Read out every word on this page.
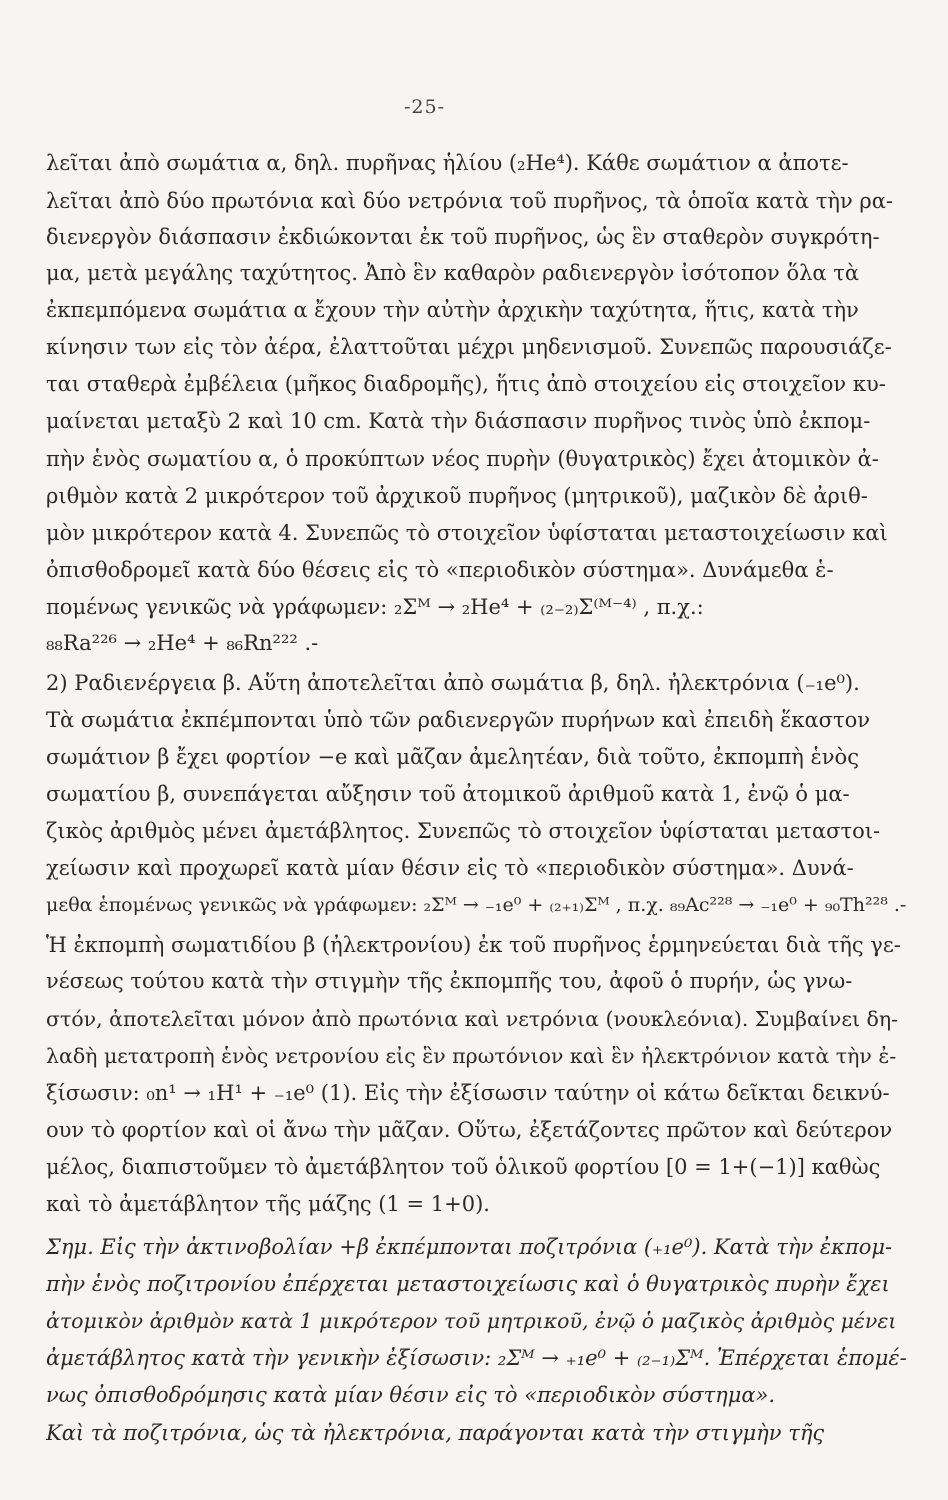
-25-
λεῖται ἀπὸ σωμάτια α, δηλ. πυρῆνας ἡλίου (₂He⁴). Κάθε σωμάτιον α ἀποτε-
λεῖται ἀπὸ δύο πρωτόνια καὶ δύο νετρόνια τοῦ πυρῆνος, τὰ ὁποῖα κατὰ τὴν ρα-
διενεργὸν διάσπασιν ἐκδιώκονται ἐκ τοῦ πυρῆνος, ὡς ἓν σταθερὸν συγκρότη-
μα, μετὰ μεγάλης ταχύτητος. Ἀπὸ ἓν καθαρὸν ραδιενεργὸν ἰσότοπον ὅλα τὰ
ἐκπεμπόμενα σωμάτια α ἔχουν τὴν αὐτὴν ἀρχικὴν ταχύτητα, ἥτις, κατὰ τὴν
κίνησιν των εἰς τὸν ἀέρα, ἐλαττοῦται μέχρι μηδενισμοῦ. Συνεπῶς παρουσιάζε-
ται σταθερὰ ἐμβέλεια (μῆκος διαδρομῆς), ἥτις ἀπὸ στοιχείου εἰς στοιχεῖον κυ-
μαίνεται μεταξὺ 2 καὶ 10 cm. Κατὰ τὴν διάσπασιν πυρῆνος τινὸς ὑπὸ ἐκπομ-
πὴν ἑνὸς σωματίου α, ὁ προκύπτων νέος πυρὴν (θυγατρικὸς) ἔχει ἀτομικὸν ἀ-
ριθμὸν κατὰ 2 μικρότερον τοῦ ἀρχικοῦ πυρῆνος (μητρικοῦ), μαζικὸν δὲ ἀριθ-
μὸν μικρότερον κατὰ 4. Συνεπῶς τὸ στοιχεῖον ὑφίσταται μεταστοιχείωσιν καὶ
ὀπισθοδρομεῖ κατὰ δύο θέσεις εἰς τὸ «περιοδικὸν σύστημα». Δυνάμεθα ἑ-
πομένως γενικῶς νὰ γράφωμεν: ₂Σᴹ → ₂He⁴ + ₍₂₋₂₎Σ⁽ᴹ⁻⁴⁾ , π.χ.:
₈₈Ra²²⁶ → ₂He⁴ + ₈₆Rn²²² .-
2) Ραδιενέργεια β. Αὕτη ἀποτελεῖται ἀπὸ σωμάτια β, δηλ. ἠλεκτρόνια (₋₁e⁰).
Τὰ σωμάτια ἐκπέμπονται ὑπὸ τῶν ραδιενεργῶν πυρήνων καὶ ἐπειδὴ ἕκαστον
σωμάτιον β ἔχει φορτίον −e καὶ μᾶζαν ἀμελητέαν, διὰ τοῦτο, ἐκπομπὴ ἑνὸς
σωματίου β, συνεπάγεται αὔξησιν τοῦ ἀτομικοῦ ἀριθμοῦ κατὰ 1, ἐνῷ ὁ μα-
ζικὸς ἀριθμὸς μένει ἀμετάβλητος. Συνεπῶς τὸ στοιχεῖον ὑφίσταται μεταστοι-
χείωσιν καὶ προχωρεῖ κατὰ μίαν θέσιν εἰς τὸ «περιοδικὸν σύστημα». Δυνά-
μεθα ἑπομένως γενικῶς νὰ γράφωμεν: ₂Σᴹ → ₋₁e⁰ + ₍₂₊₁₎Σᴹ , π.χ. ₈₉Ac²²⁸ → ₋₁e⁰ + ₉₀Th²²⁸ .-
Ἡ ἐκπομπὴ σωματιδίου β (ἠλεκτρονίου) ἐκ τοῦ πυρῆνος ἑρμηνεύεται διὰ τῆς γε-
νέσεως τούτου κατὰ τὴν στιγμὴν τῆς ἐκπομπῆς του, ἀφοῦ ὁ πυρήν, ὡς γνω-
στόν, ἀποτελεῖται μόνον ἀπὸ πρωτόνια καὶ νετρόνια (νουκλεόνια). Συμβαίνει δη-
λαδὴ μετατροπὴ ἑνὸς νετρονίου εἰς ἓν πρωτόνιον καὶ ἓν ἠλεκτρόνιον κατὰ τὴν ἐ-
ξίσωσιν: ₀n¹ → ₁H¹ + ₋₁e⁰ (1). Εἰς τὴν ἐξίσωσιν ταύτην οἱ κάτω δεῖκται δεικνύ-
ουν τὸ φορτίον καὶ οἱ ἄνω τὴν μᾶζαν. Οὕτω, ἐξετάζοντες πρῶτον καὶ δεύτερον
μέλος, διαπιστοῦμεν τὸ ἀμετάβλητον τοῦ ὁλικοῦ φορτίου [0 = 1+(−1)] καθὼς
καὶ τὸ ἀμετάβλητον τῆς μάζης (1 = 1+0).
Σημ. Εἰς τὴν ἀκτινοβολίαν +β ἐκπέμπονται ποζιτρόνια (₊₁e⁰). Κατὰ τὴν ἐκπομ-
πὴν ἑνὸς ποζιτρονίου ἐπέρχεται μεταστοιχείωσις καὶ ὁ θυγατρικὸς πυρὴν ἔχει
ἀτομικὸν ἀριθμὸν κατὰ 1 μικρότερον τοῦ μητρικοῦ, ἐνῷ ὁ μαζικὸς ἀριθμὸς μένει
ἀμετάβλητος κατὰ τὴν γενικὴν ἐξίσωσιν: ₂Σᴹ → ₊₁e⁰ + ₍₂₋₁₎Σᴹ. Ἐπέρχεται ἑπομέ-
νως ὀπισθοδρόμησις κατὰ μίαν θέσιν εἰς τὸ «περιοδικὸν σύστημα».
Καὶ τὰ ποζιτρόνια, ὡς τὰ ἠλεκτρόνια, παράγονται κατὰ τὴν στιγμὴν τῆς
